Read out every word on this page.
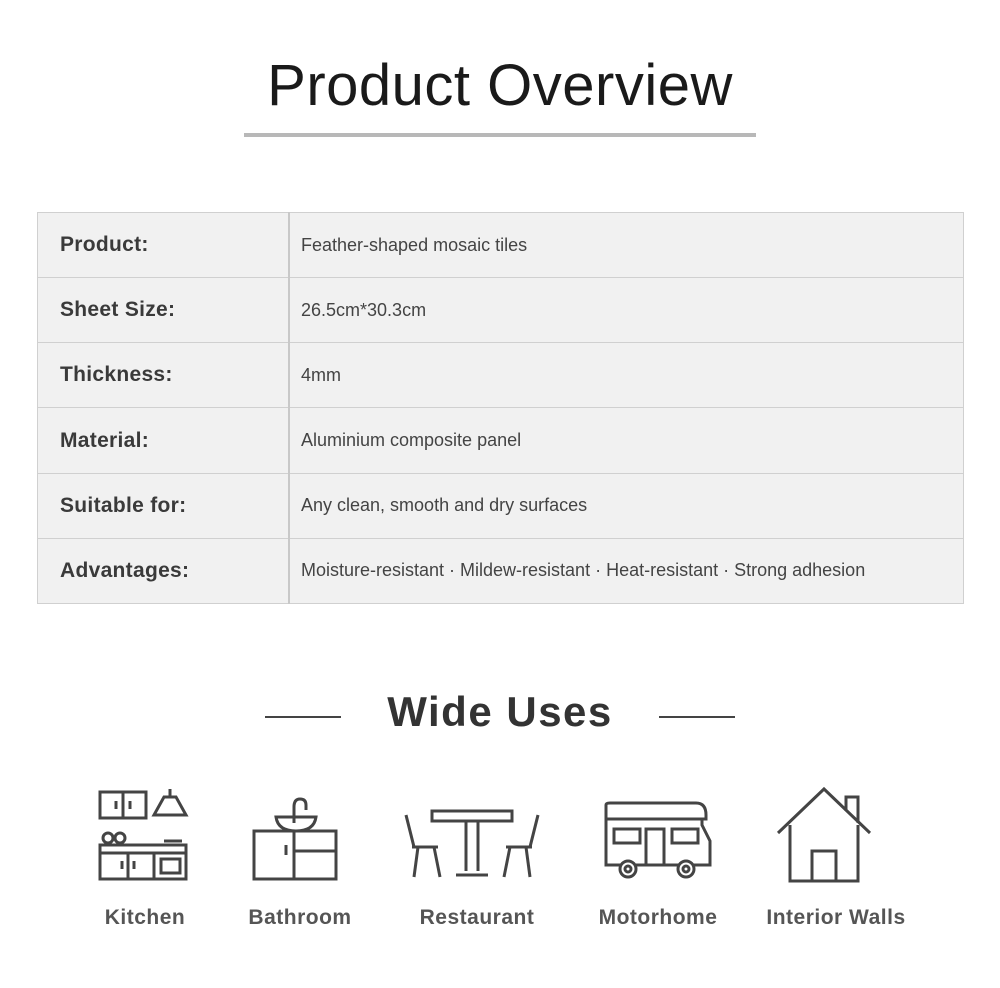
Product Overview
Product:	Feather-shaped mosaic tiles
Sheet Size:	26.5cm*30.3cm
Thickness:	4mm
Material:	Aluminium composite panel
Suitable for:	Any clean, smooth and dry surfaces
Advantages:	Moisture-resistant · Mildew-resistant · Heat-resistant · Strong adhesion
Wide Uses
Kitchen	Bathroom	Restaurant	Motorhome	Interior Walls
